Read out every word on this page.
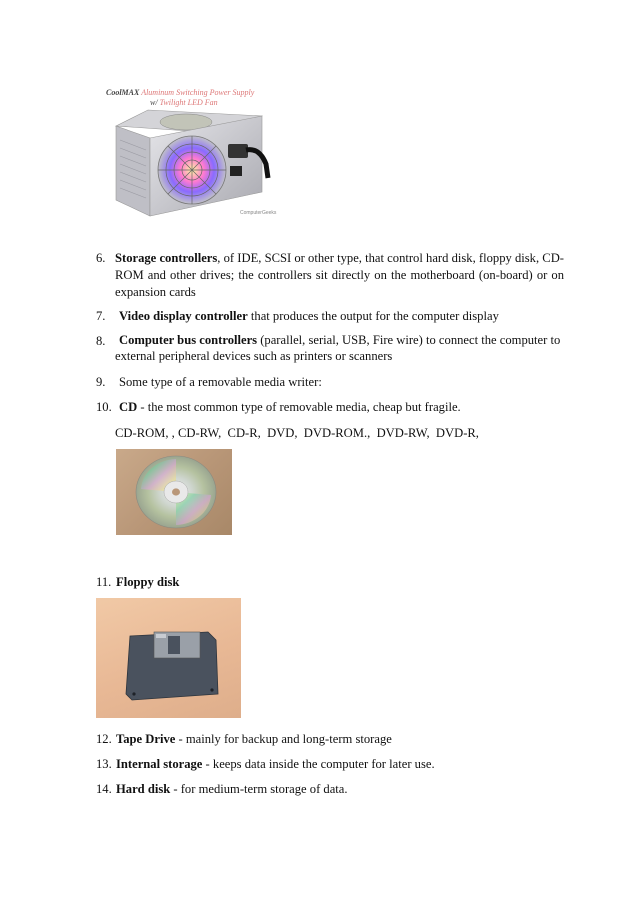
CoolMAX Aluminum Switching Power Supply
w/ Twilight LED Fan
ComputerGeeks
6. Storage controllers, of IDE, SCSI or other type, that control hard disk, floppy disk, CD-ROM and other drives; the controllers sit directly on the motherboard (on-board) or on expansion cards
7. Video display controller that produces the output for the computer display
8.	Computer bus controllers (parallel, serial, USB, Fire wire) to connect the computer to external peripheral devices such as printers or scanners
9. Some type of a removable media writer:
10. CD - the most common type of removable media, cheap but fragile.
CD-ROM, , CD-RW,  CD-R,  DVD,  DVD-ROM.,  DVD-RW,  DVD-R,
11. Floppy disk
12. Tape Drive - mainly for backup and long-term storage
13. Internal storage - keeps data inside the computer for later use.
14. Hard disk - for medium-term storage of data.
